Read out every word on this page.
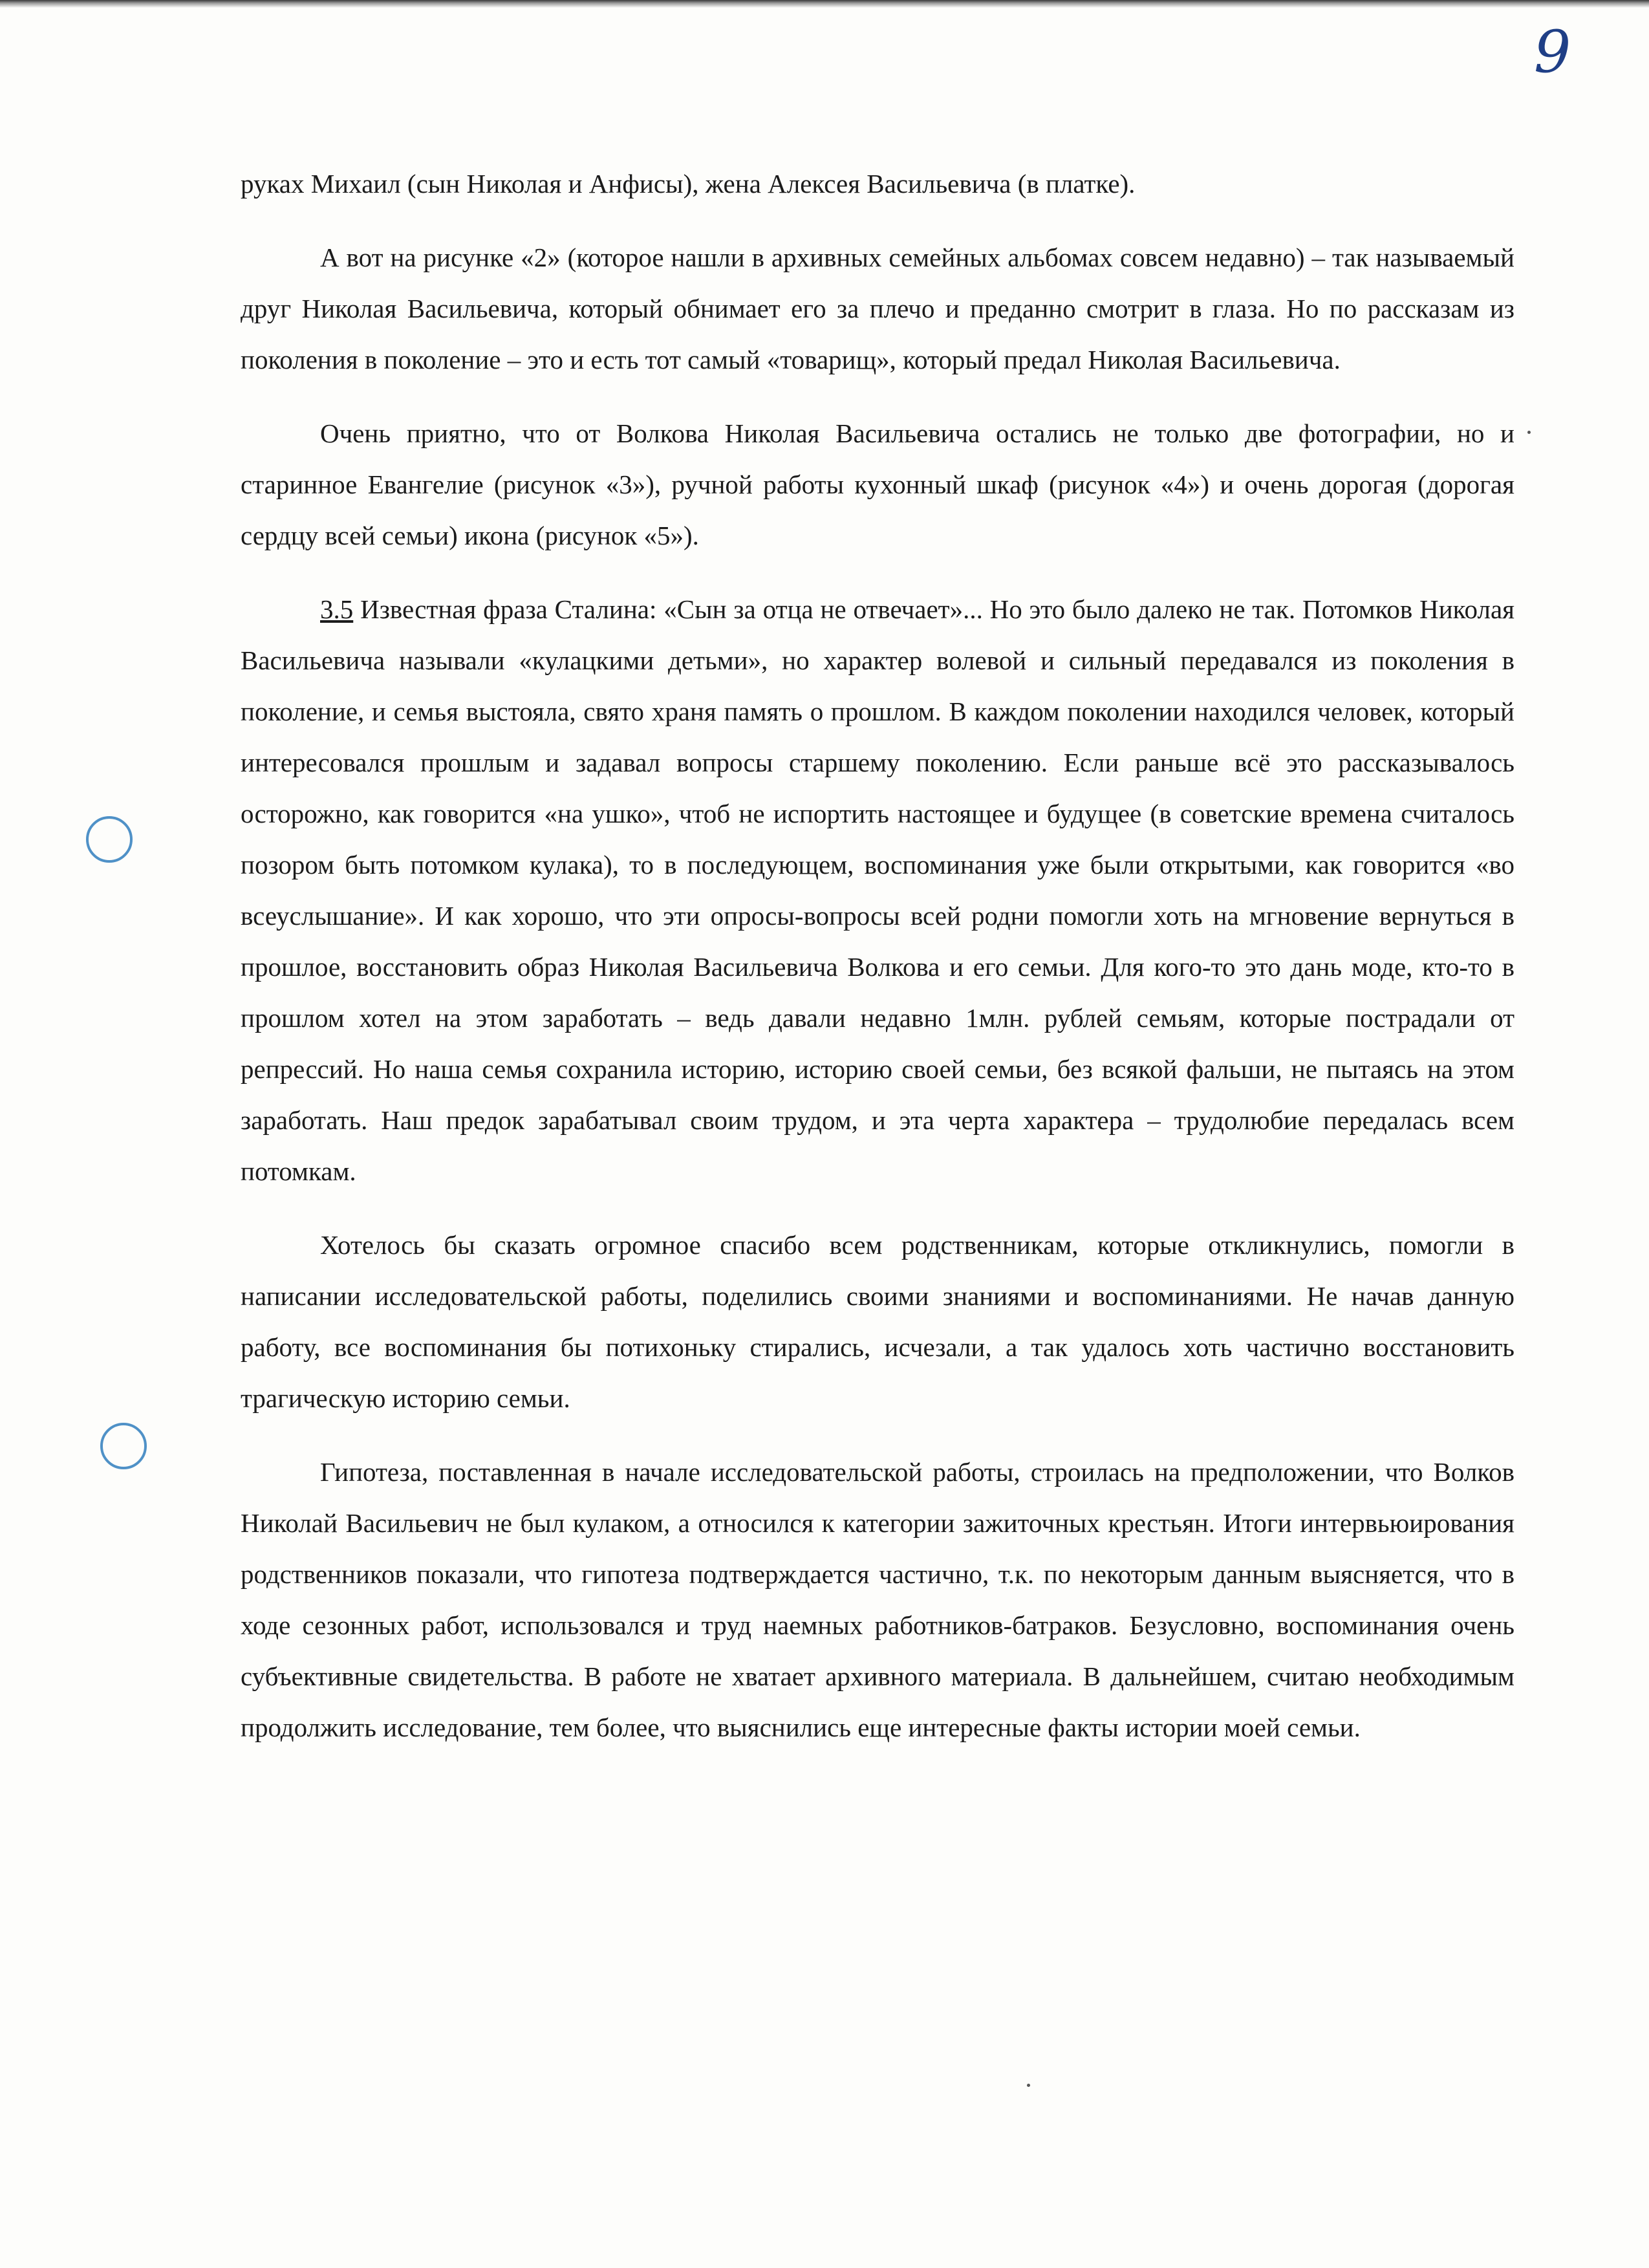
9

руках Михаил (сын Николая и Анфисы), жена Алексея Васильевича (в платке).

А вот на рисунке «2» (которое нашли в архивных семейных альбомах совсем недавно) – так называемый друг Николая Васильевича, который обнимает его за плечо и преданно смотрит в глаза. Но по рассказам из поколения в поколение – это и есть тот самый «товарищ», который предал Николая Васильевича.

Очень приятно, что от Волкова Николая Васильевича остались не только две фотографии, но и старинное Евангелие (рисунок «3»), ручной работы кухонный шкаф (рисунок «4») и очень дорогая (дорогая сердцу всей семьи) икона (рисунок «5»).

3.5 Известная фраза Сталина: «Сын за отца не отвечает»... Но это было далеко не так. Потомков Николая Васильевича называли «кулацкими детьми», но характер волевой и сильный передавался из поколения в поколение, и семья выстояла, свято храня память о прошлом. В каждом поколении находился человек, который интересовался прошлым и задавал вопросы старшему поколению. Если раньше всё это рассказывалось осторожно, как говорится «на ушко», чтоб не испортить настоящее и будущее (в советские времена считалось позором быть потомком кулака), то в последующем, воспоминания уже были открытыми, как говорится «во всеуслышание». И как хорошо, что эти опросы-вопросы всей родни помогли хоть на мгновение вернуться в прошлое, восстановить образ Николая Васильевича Волкова и его семьи. Для кого-то это дань моде, кто-то в прошлом хотел на этом заработать – ведь давали недавно 1млн. рублей семьям, которые пострадали от репрессий. Но наша семья сохранила историю, историю своей семьи, без всякой фальши, не пытаясь на этом заработать. Наш предок зарабатывал своим трудом, и эта черта характера – трудолюбие передалась всем потомкам.

Хотелось бы сказать огромное спасибо всем родственникам, которые откликнулись, помогли в написании исследовательской работы, поделились своими знаниями и воспоминаниями. Не начав данную работу, все воспоминания бы потихоньку стирались, исчезали, а так удалось хоть частично восстановить трагическую историю семьи.

Гипотеза, поставленная в начале исследовательской работы, строилась на предположении, что Волков Николай Васильевич не был кулаком, а относился к категории зажиточных крестьян. Итоги интервьюирования родственников показали, что гипотеза подтверждается частично, т.к. по некоторым данным выясняется, что в ходе сезонных работ, использовался и труд наемных работников-батраков. Безусловно, воспоминания очень субъективные свидетельства. В работе не хватает архивного материала. В дальнейшем, считаю необходимым продолжить исследование, тем более, что выяснились еще интересные факты истории моей семьи.
